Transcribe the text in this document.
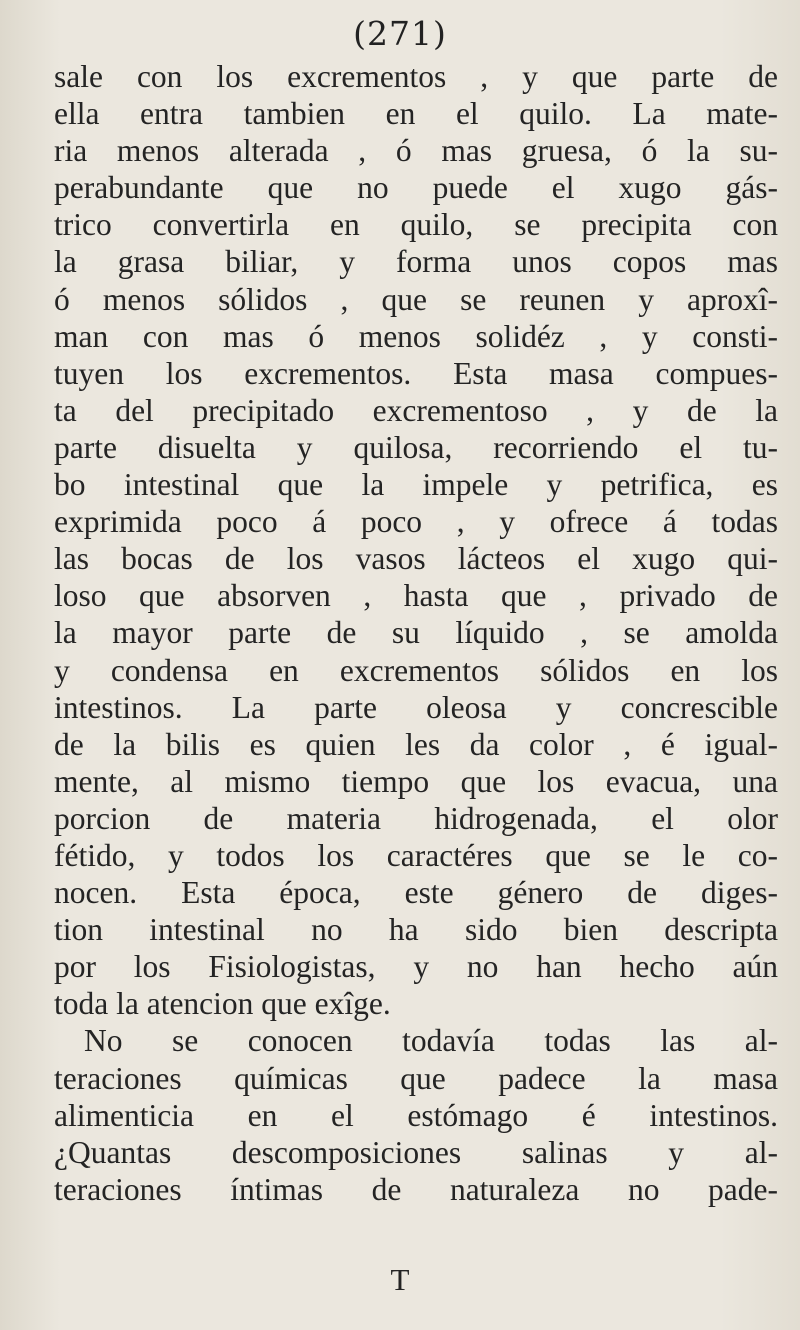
(271)
sale con los excrementos , y que parte de
ella entra tambien en el quilo. La mate-
ria menos alterada , ó mas gruesa, ó la su-
perabundante que no puede el xugo gás-
trico convertirla en quilo, se precipita con
la grasa biliar, y forma unos copos mas
ó menos sólidos , que se reunen y aproxî-
man con mas ó menos solidéz , y consti-
tuyen los excrementos. Esta masa compues-
ta del precipitado excrementoso , y de la
parte disuelta y quilosa, recorriendo el tu-
bo intestinal que la impele y petrifica, es
exprimida poco á poco , y ofrece á todas
las bocas de los vasos lácteos el xugo qui-
loso que absorven , hasta que , privado de
la mayor parte de su líquido , se amolda
y condensa en excrementos sólidos en los
intestinos. La parte oleosa y concrescible
de la bilis es quien les da color , é igual-
mente, al mismo tiempo que los evacua, una
porcion de materia hidrogenada, el olor
fétido, y todos los caractéres que se le co-
nocen. Esta época, este género de diges-
tion intestinal no ha sido bien descripta
por los Fisiologistas, y no han hecho aún
toda la atencion que exîge.
No se conocen todavía todas las al-
teraciones químicas que padece la masa
alimenticia en el estómago é intestinos.
¿Quantas descomposiciones salinas y al-
teraciones íntimas de naturaleza no pade-
T
